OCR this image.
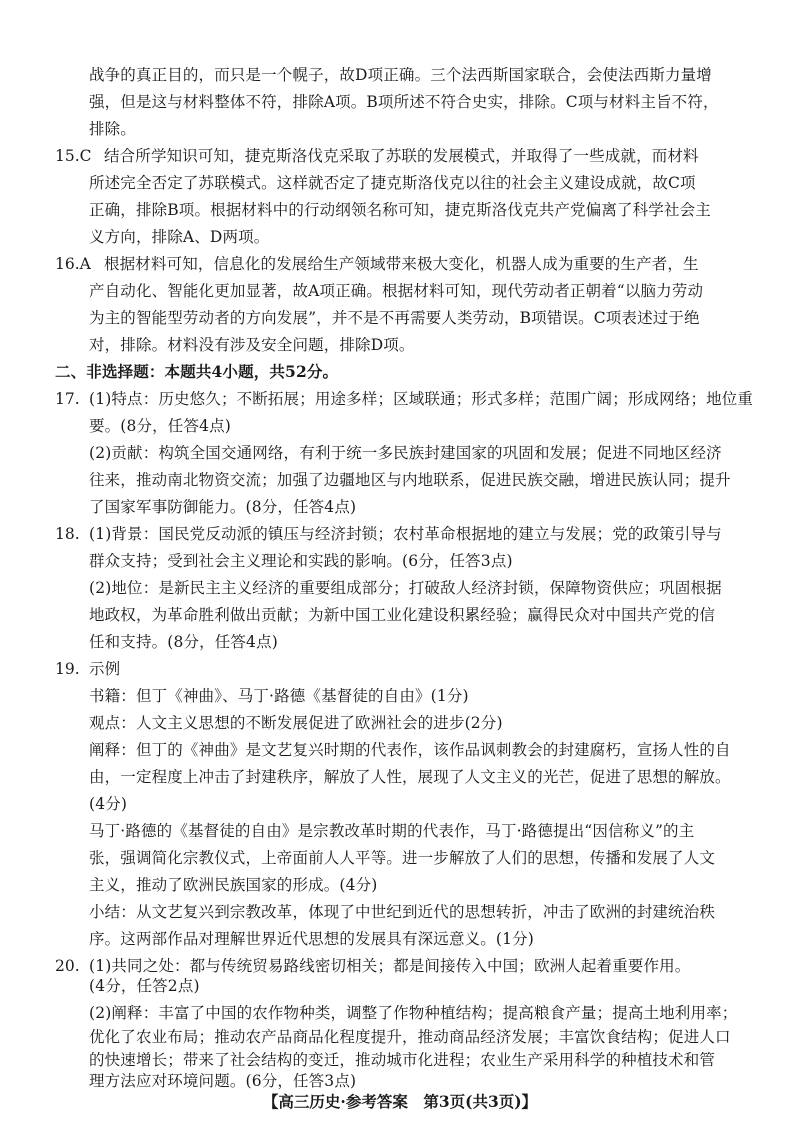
战争的真正目的，而只是一个幌子，故D项正确。三个法西斯国家联合，会使法西斯力量增
强，但是这与材料整体不符，排除A项。B项所述不符合史实，排除。C项与材料主旨不符，
排除。
15.C 结合所学知识可知，捷克斯洛伐克采取了苏联的发展模式，并取得了一些成就，而材料
所述完全否定了苏联模式。这样就否定了捷克斯洛伐克以往的社会主义建设成就，故C项
正确，排除B项。根据材料中的行动纲领名称可知，捷克斯洛伐克共产党偏离了科学社会主
义方向，排除A、D两项。
16.A 根据材料可知，信息化的发展给生产领域带来极大变化，机器人成为重要的生产者，生
产自动化、智能化更加显著，故A项正确。根据材料可知，现代劳动者正朝着“以脑力劳动
为主的智能型劳动者的方向发展”，并不是不再需要人类劳动，B项错误。C项表述过于绝
对，排除。材料没有涉及安全问题，排除D项。
二、非选择题：本题共4小题，共52分。
17. (1)特点：历史悠久；不断拓展；用途多样；区域联通；形式多样；范围广阔；形成网络；地位重
要。(8分，任答4点)
(2)贡献：构筑全国交通网络，有利于统一多民族封建国家的巩固和发展；促进不同地区经济
往来，推动南北物资交流；加强了边疆地区与内地联系，促进民族交融，增进民族认同；提升
了国家军事防御能力。(8分，任答4点)
18. (1)背景：国民党反动派的镇压与经济封锁；农村革命根据地的建立与发展；党的政策引导与
群众支持；受到社会主义理论和实践的影响。(6分，任答3点)
(2)地位：是新民主主义经济的重要组成部分；打破敌人经济封锁，保障物资供应；巩固根据
地政权，为革命胜利做出贡献；为新中国工业化建设积累经验；赢得民众对中国共产党的信
任和支持。(8分，任答4点)
19. 示例
书籍：但丁《神曲》、马丁·路德《基督徒的自由》(1分)
观点：人文主义思想的不断发展促进了欧洲社会的进步(2分)
阐释：但丁的《神曲》是文艺复兴时期的代表作，该作品讽刺教会的封建腐朽，宣扬人性的自
由，一定程度上冲击了封建秩序，解放了人性，展现了人文主义的光芒，促进了思想的解放。
(4分)
马丁·路德的《基督徒的自由》是宗教改革时期的代表作，马丁·路德提出“因信称义”的主
张，强调简化宗教仪式，上帝面前人人平等。进一步解放了人们的思想，传播和发展了人文
主义，推动了欧洲民族国家的形成。(4分)
小结：从文艺复兴到宗教改革，体现了中世纪到近代的思想转折，冲击了欧洲的封建统治秩
序。这两部作品对理解世界近代思想的发展具有深远意义。(1分)
20. (1)共同之处：都与传统贸易路线密切相关；都是间接传入中国；欧洲人起着重要作用。
(4分，任答2点)
(2)阐释：丰富了中国的农作物种类，调整了作物种植结构；提高粮食产量；提高土地利用率；
优化了农业布局；推动农产品商品化程度提升，推动商品经济发展；丰富饮食结构；促进人口
的快速增长；带来了社会结构的变迁，推动城市化进程；农业生产采用科学的种植技术和管
【高三历史·参考答案　第3页(共3页)】
理方法应对环境问题。(6分，任答3点)
